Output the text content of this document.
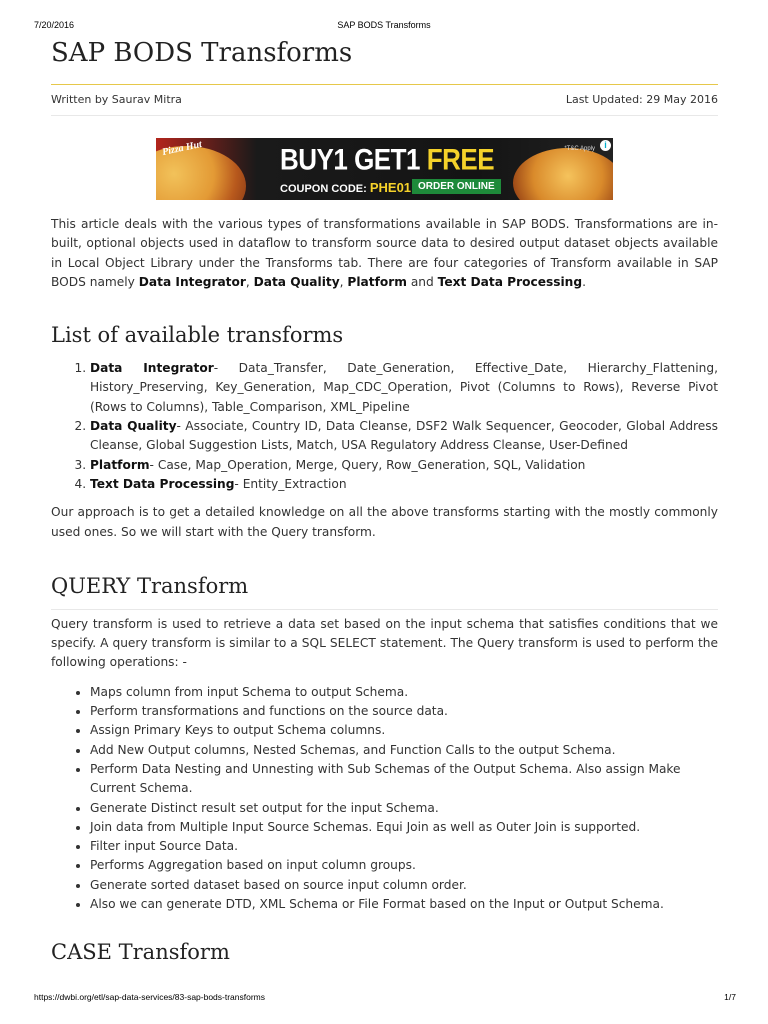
7/20/2016	SAP BODS Transforms
SAP BODS Transforms
Written by Saurav Mitra	Last Updated: 29 May 2016
Pizza Hut	BUY1 GET1 FREE
COUPON CODE: PHE01 ORDER ONLINE
*T&C Apply	i

This article deals with the various types of transformations available in SAP BODS. Transformations are in-built, optional objects used in dataflow to transform source data to desired output dataset objects available in Local Object Library under the Transforms tab. There are four categories of Transform available in SAP BODS namely Data Integrator, Data Quality, Platform and Text Data Processing.

List of available transforms
1. Data Integrator- Data_Transfer, Date_Generation, Effective_Date, Hierarchy_Flattening, History_Preserving, Key_Generation, Map_CDC_Operation, Pivot (Columns to Rows), Reverse Pivot (Rows to Columns), Table_Comparison, XML_Pipeline
2. Data Quality- Associate, Country ID, Data Cleanse, DSF2 Walk Sequencer, Geocoder, Global Address Cleanse, Global Suggestion Lists, Match, USA Regulatory Address Cleanse, User-Defined
3. Platform- Case, Map_Operation, Merge, Query, Row_Generation, SQL, Validation
4. Text Data Processing- Entity_Extraction

Our approach is to get a detailed knowledge on all the above transforms starting with the mostly commonly used ones. So we will start with the Query transform.

QUERY Transform

Query transform is used to retrieve a data set based on the input schema that satisfies conditions that we specify. A query transform is similar to a SQL SELECT statement. The Query transform is used to perform the following operations: -

• Maps column from input Schema to output Schema.
• Perform transformations and functions on the source data.
• Assign Primary Keys to output Schema columns.
• Add New Output columns, Nested Schemas, and Function Calls to the output Schema.
• Perform Data Nesting and Unnesting with Sub Schemas of the Output Schema. Also assign Make Current Schema.
• Generate Distinct result set output for the input Schema.
• Join data from Multiple Input Source Schemas. Equi Join as well as Outer Join is supported.
• Filter input Source Data.
• Performs Aggregation based on input column groups.
• Generate sorted dataset based on source input column order.
• Also we can generate DTD, XML Schema or File Format based on the Input or Output Schema.
CASE Transform
https://dwbi.org/etl/sap-data-services/83-sap-bods-transforms	1/7
